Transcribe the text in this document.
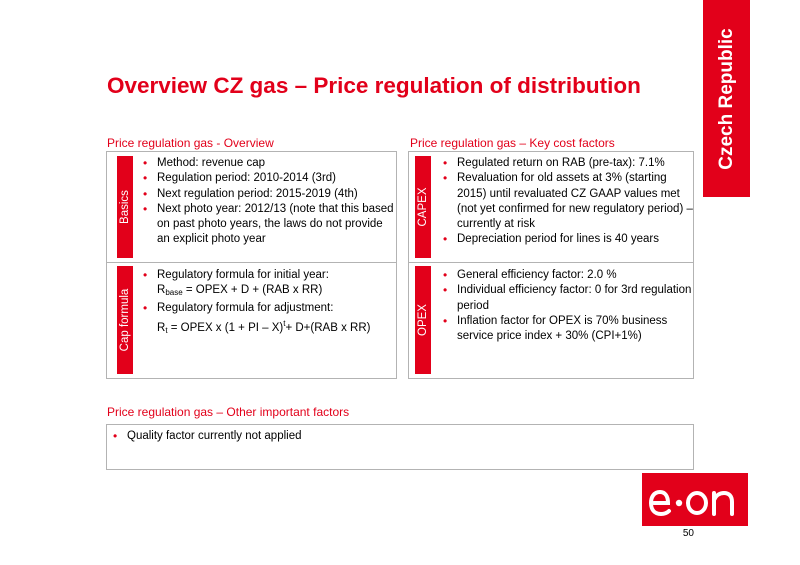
Czech Republic
Overview CZ gas – Price regulation of distribution
Price regulation gas - Overview
Basics
• Method: revenue cap
• Regulation period: 2010-2014 (3rd)
• Next regulation period: 2015-2019 (4th)
• Next photo year: 2012/13 (note that this based on past photo years, the laws do not provide an explicit photo year
Cap formula
• Regulatory formula for initial year:
$R_{base}$ = OPEX + D + (RAB x RR)
• Regulatory formula for adjustment:
$R_t$ = OPEX x (1 + PI – X)$^t$+ D+(RAB x RR)
Price regulation gas – Key cost factors
CAPEX
• Regulated return on RAB (pre-tax): 7.1%
• Revaluation for old assets at 3% (starting 2015) until revaluated CZ GAAP values met (not yet confirmed for new regulatory period) – currently at risk
• Depreciation period for lines is 40 years
OPEX
• General efficiency factor: 2.0 %
• Individual efficiency factor: 0 for 3rd regulation period
• Inflation factor for OPEX is 70% business service price index + 30% (CPI+1%)
Price regulation gas – Other important factors
• Quality factor currently not applied
50
